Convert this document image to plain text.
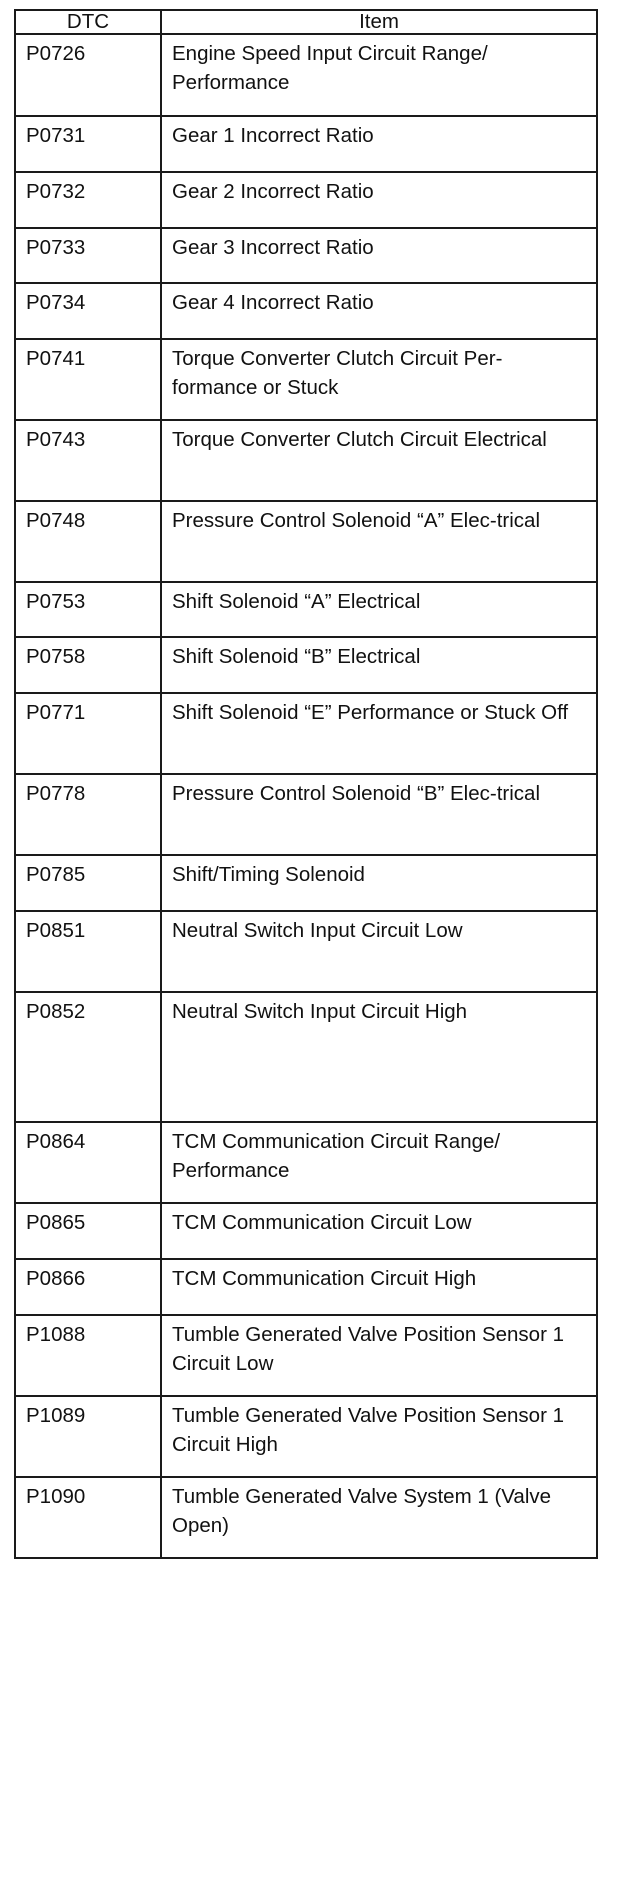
DTC	Item
P0726	Engine Speed Input Circuit Range/ Performance
P0731	Gear 1 Incorrect Ratio
P0732	Gear 2 Incorrect Ratio
P0733	Gear 3 Incorrect Ratio
P0734	Gear 4 Incorrect Ratio
P0741	Torque Converter Clutch Circuit Per-formance or Stuck
P0743	Torque Converter Clutch Circuit Electrical
P0748	Pressure Control Solenoid “A” Elec-trical
P0753	Shift Solenoid “A” Electrical
P0758	Shift Solenoid “B” Electrical
P0771	Shift Solenoid “E” Performance or Stuck Off
P0778	Pressure Control Solenoid “B” Elec-trical
P0785	Shift/Timing Solenoid
P0851	Neutral Switch Input Circuit Low
P0852	Neutral Switch Input Circuit High
P0864	TCM Communication Circuit Range/ Performance
P0865	TCM Communication Circuit Low
P0866	TCM Communication Circuit High
P1088	Tumble Generated Valve Position Sensor 1 Circuit Low
P1089	Tumble Generated Valve Position Sensor 1 Circuit High
P1090	Tumble Generated Valve System 1 (Valve Open)
